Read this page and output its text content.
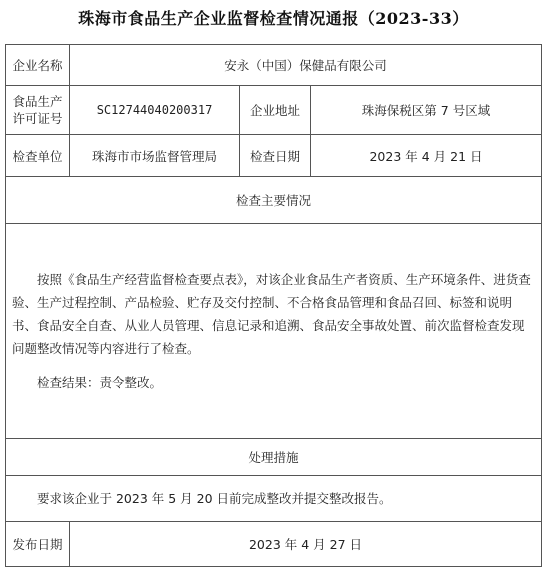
珠海市食品生产企业监督检查情况通报（2023-33）
企业名称	安永（中国）保健品有限公司		

食品生产
许可证号	SC12744040200317	企业地址	珠海保税区第 7 号区域
检查单位	珠海市市场监督管理局	检查日期	2023 年 4 月 21 日
检查主要情况			

按照《食品生产经营监督检查要点表》，对该企业食品生产者资质、生产环境条件、进货查验、生产过程控制、产品检验、贮存及交付控制、不合格食品管理和食品召回、标签和说明书、食品安全自查、从业人员管理、信息记录和追溯、食品安全事故处置、前次监督检查发现问题整改情况等内容进行了检查。

检查结果：责令整改。			

处理措施			

要求该企业于 2023 年 5 月 20 日前完成整改并提交整改报告。			

发布日期	2023 年 4 月 27 日		
